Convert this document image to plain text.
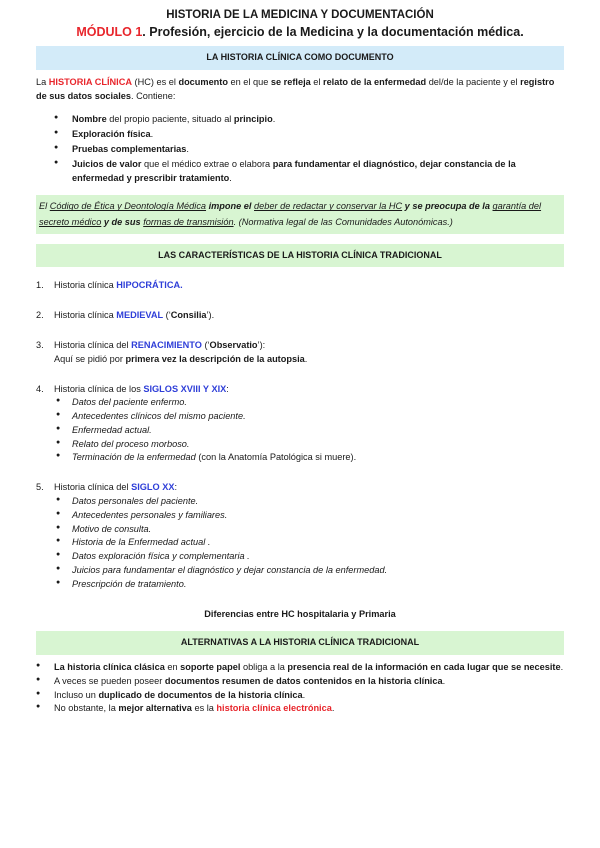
HISTORIA DE LA MEDICINA Y DOCUMENTACIÓN

MÓDULO 1. Profesión, ejercicio de la Medicina y la documentación médica.

LA HISTORIA CLÍNICA COMO DOCUMENTO

La HISTORIA CLÍNICA (HC) es el documento en el que se refleja el relato de la enfermedad del/de la paciente y el registro de sus datos sociales. Contiene:

● Nombre del propio paciente, situado al principio.
● Exploración física.
● Pruebas complementarias.
● Juicios de valor que el médico extrae o elabora para fundamentar el diagnóstico, dejar constancia de la enfermedad y prescribir tratamiento.
El Código de Ética y Deontología Médica impone el deber de redactar y conservar la HC y se preocupa de la garantía del secreto médico y de sus formas de transmisión. (Normativa legal de las Comunidades Autonómicas.)
LAS CARACTERÍSTICAS DE LA HISTORIA CLÍNICA TRADICIONAL
1. Historia clínica HIPOCRÁTICA.
2. Historia clínica MEDIEVAL (‘Consilia’).
3. Historia clínica del RENACIMIENTO (‘Observatio’):
Aquí se pidió por primera vez la descripción de la autopsia.
4. Historia clínica de los SIGLOS XVIII Y XIX:
● Datos del paciente enfermo.
● Antecedentes clínicos del mismo paciente.
● Enfermedad actual.
● Relato del proceso morboso.
● Terminación de la enfermedad (con la Anatomía Patológica si muere).
5. Historia clínica del SIGLO XX:
● Datos personales del paciente.
● Antecedentes personales y familiares.
● Motivo de consulta.
● Historia de la Enfermedad actual .
● Datos exploración física y complementaria .
● Juicios para fundamentar el diagnóstico y dejar constancia de la enfermedad.
● Prescripción de tratamiento.

Diferencias entre HC hospitalaria y Primaria

ALTERNATIVAS A LA HISTORIA CLÍNICA TRADICIONAL
● La historia clínica clásica en soporte papel obliga a la presencia real de la información en cada lugar que se necesite.
● A veces se pueden poseer documentos resumen de datos contenidos en la historia clínica.
● Incluso un duplicado de documentos de la historia clínica.
● No obstante, la mejor alternativa es la historia clínica electrónica.
